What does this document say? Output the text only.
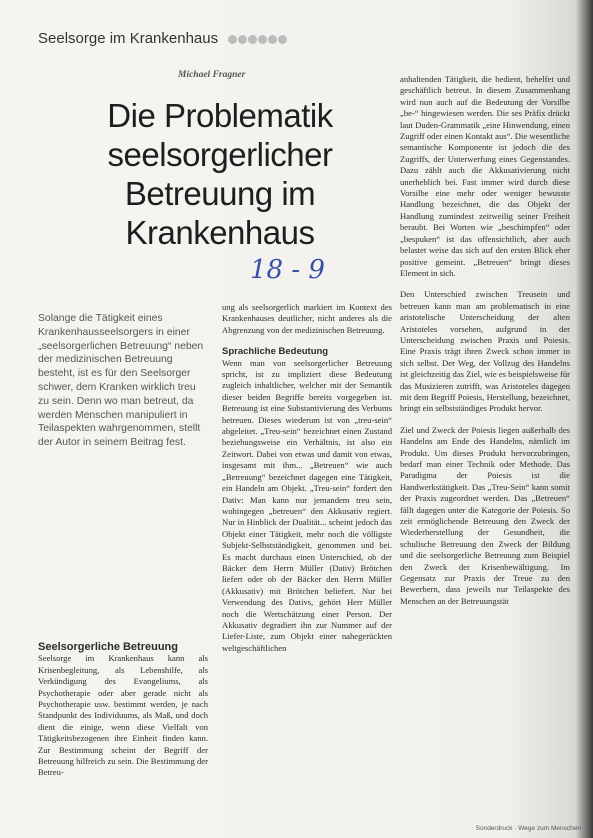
Seelsorge im Krankenhaus
Michael Fragner
Die Problematik seelsorgerlicher Betreuung im Krankenhaus
18 - 9
Solange die Tätigkeit eines Krankenhausseelsorgers in einer „seelsorgerlichen Betreuung“ neben der medizinischen Betreuung besteht, ist es für den Seelsorger schwer, dem Kranken wirklich treu zu sein. Denn wo man betreut, da werden Menschen manipuliert in Teilaspekten wahrgenommen, stellt der Autor in seinem Beitrag fest.

Seelsorgerliche Betreuung

Seelsorge im Krankenhaus kann als Krisenbegleitung, als Lebenshilfe, als Verkündigung des Evangeliums, als Psychotherapie oder aber gerade nicht als Psychotherapie usw. bestimmt werden, je nach Standpunkt des Individuums, als Maß, und doch dient die einige, wenn diese Vielfalt von Tätigkeitsbezogenen ihre Einheit finden kann. Zur Bestimmung scheint der Begriff der Betreuung hilfreich zu sein. Die Bestimmung der Betreu-

ung als seelsorgerlich markiert im Kontext des Krankenhauses deutlicher, nicht anderes als die Abgrenzung von der medizinischen Betreuung.

Sprachliche Bedeutung

Wenn man von seelsorgerlicher Betreuung spricht, ist zu impliziert diese Bedeutung zugleich inhaltlicher, welcher mit der Semantik dieser beiden Begriffe bereits vorgegeben ist. Betreuung ist eine Substantivierung des Verbums betreuen. Dieses wiederum ist von „treu-sein“ abgeleitet. „Treu-sein“ bezeichnet einen Zustand beziehungsweise ein Verhältnis, ist also ein Zeitwort. Dabei von etwas und damit von etwas, insgesamt mit ihm... „Betreuen“ wie auch „Betreuung“ bezeichnet dagegen eine Tätigkeit, ein Handeln am Objekt. „Treu-sein“ fordert den Dativ: Man kann nur jemandem treu sein, wohingegen „betreuen“ den Akkusativ regiert. Nur in Hinblick der Dualität... scheint jedoch das Objekt einer Tätigkeit, mehr noch die völligste Subjekt-Selbstständigkeit, genommen und bei. Es macht durchaus einen Unterschied, ob der Bäcker dem Herrn Müller (Dativ) Brötchen liefert oder ob der Bäcker den Herrn Müller (Akkusativ) mit Brötchen beliefert. Nur bei Verwendung des Dativs, gehört Herr Müller noch die Wertschätzung einer Person. Der Akkusativ degradiert ihn zur Nummer auf der Liefer-Liste, zum Objekt einer nahegerückten weltgeschäftlichen

anhaltenden Tätigkeit, die bedient, behelfet und geschäftlich betreut. In diesem Zusammenhang wird nun auch auf die Bedeutung der Vorsilbe „be-“ hingewiesen werden. Die ses Präfix drückt laut Duden-Grammatik „eine Hinwendung, einen Zugriff oder einen Kontakt aus“. Die wesentliche semantische Komponente ist jedoch die des Zugriffs, der Unterwerfung eines Gegenstandes. Dazu zählt auch die Akkusativierung nicht unerheblich bei. Fast immer wird durch diese Vorsilbe eine mehr oder weniger bewusste Handlung bezeichnet, die das Objekt der Handlung zumindest zeitweilig seiner Freiheit beraubt. Bei Worten wie „beschimpfen“ oder „bespuken“ ist das offensichtlich, aber auch belastet weise das sich auf den ersten Blick eher positive gemeint. „Betreuen“ bringt dieses Element in sich.

Den Unterschied zwischen Treusein und betreuen kann man am problematisch in eine aristotelische Unterscheidung der alten Aristoteles vorsehen, aufgrund in der Unterscheidung zwischen Praxis und Poiesis. Eine Praxis trägt ihren Zweck schon immer in sich selbst. Der Weg, der Vollzug des Handelns ist gleichzeitig das Ziel, wie es beispielsweise für das Musizieren zutrifft, was Aristoteles dagegen mit dem Begriff Poiesis, Herstellung, bezeichnet, bringt ein selbstständiges Produkt hervor.

Ziel und Zweck der Poiesis liegen außerhalb des Handelns am Ende des Handelns, nämlich im Produkt. Um dieses Produkt hervorzubringen, bedarf man einer Technik oder Methode. Das Paradigma der Poiesis ist die Handwerkstätigkeit. Das „Treu-Sein“ kann somit der Praxis zugeordnet werden. Das „Betreuen“ fällt dagegen unter die Kategorie der Poiesis. So zeit ermöglichende Betreuung den Zweck der Wiederherstellung der Gesundheit, die schulische Betreuung den Zweck der Bildung und die seelsorgerliche Betreuung zum Beispiel den Zweck der Krisenbewältigung. Im Gegensatz zur Praxis der Treue zu den Bewerbern, dass jeweils nur Teilaspekte des Menschen an der Betreuungstät

Sonderdruck · Wege zum Menschen
